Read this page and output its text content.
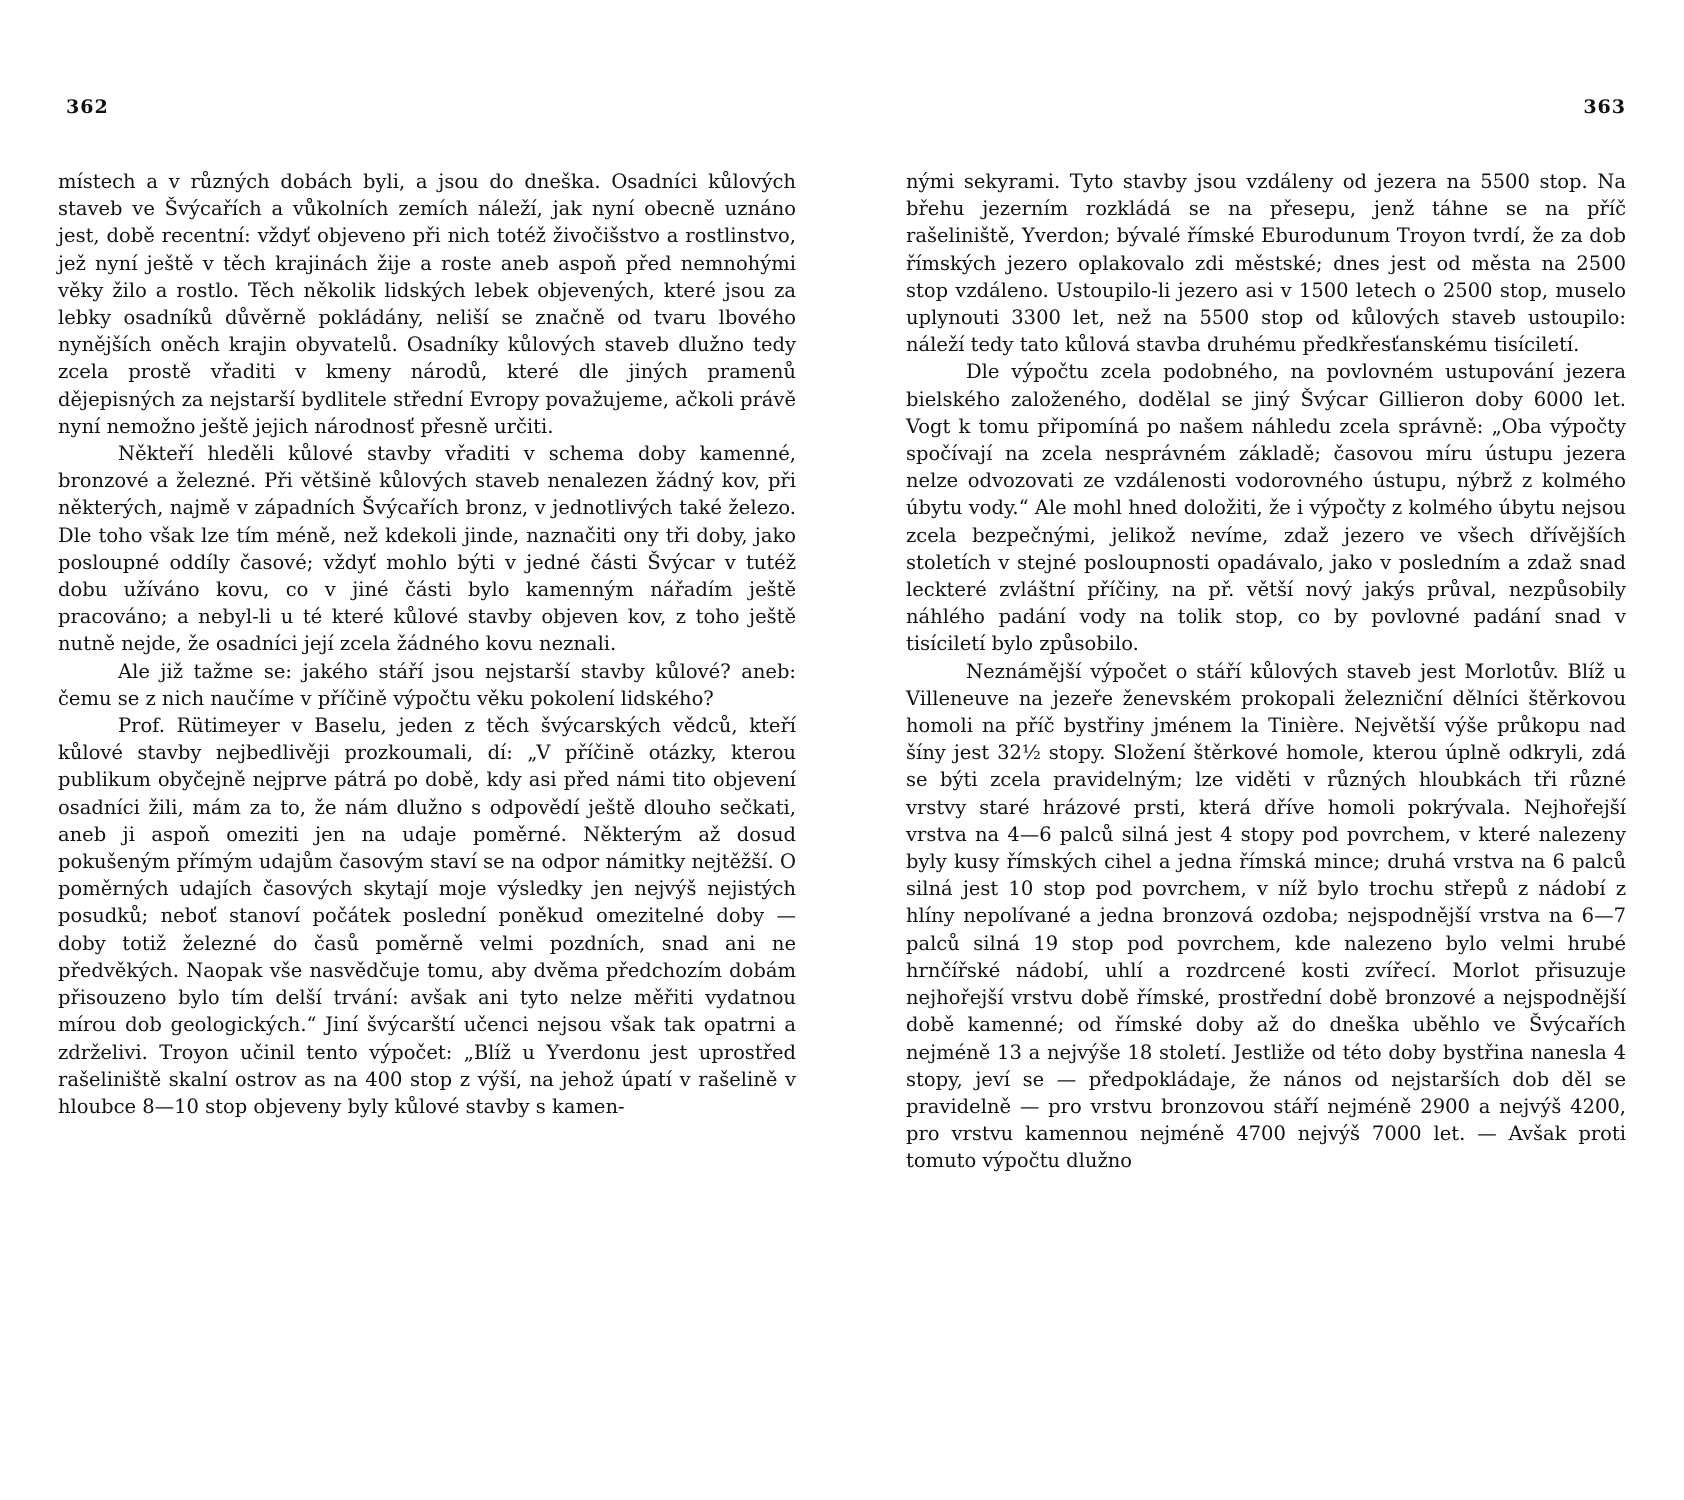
362

místech a v různých dobách byli, a jsou do dneška. Osadníci kůlových staveb ve Švýcařích a vůkolních zemích náleží, jak nyní obecně uznáno jest, době recentní: vždyť objeveno při nich totéž živočišstvo a rostlinstvo, jež nyní ještě v těch krajinách žije a roste aneb aspoň před nemnohými věky žilo a rostlo. Těch několik lidských lebek objevených, které jsou za lebky osadníků důvěrně pokládány, neliší se značně od tvaru lbového nynějších oněch krajin obyvatelů. Osadníky kůlových staveb dlužno tedy zcela prostě vřaditi v kmeny národů, které dle jiných pramenů dějepisných za nejstarší bydlitele střední Evropy považujeme, ačkoli právě nyní nemožno ještě jejich národnosť přesně určiti.

Někteří hleděli kůlové stavby vřaditi v schema doby kamenné, bronzové a železné. Při většině kůlových staveb nenalezen žádný kov, při některých, najmě v západních Švýcařích bronz, v jednotlivých také železo. Dle toho však lze tím méně, než kdekoli jinde, naznačiti ony tři doby, jako posloupné oddíly časové; vždyť mohlo býti v jedné části Švýcar v tutéž dobu užíváno kovu, co v jiné části bylo kamenným nářadím ještě pracováno; a nebyl-li u té které kůlové stavby objeven kov, z toho ještě nutně nejde, že osadníci její zcela žádného kovu neznali.

Ale již tažme se: jakého stáří jsou nejstarší stavby kůlové? aneb: čemu se z nich naučíme v příčině výpočtu věku pokolení lidského?

Prof. Rütimeyer v Baselu, jeden z těch švýcarských vědců, kteří kůlové stavby nejbedlivěji prozkoumali, dí: „V příčině otázky, kterou publikum obyčejně nejprve pátrá po době, kdy asi před námi tito objevení osadníci žili, mám za to, že nám dlužno s odpovědí ještě dlouho sečkati, aneb ji aspoň omeziti jen na udaje poměrné. Některým až dosud pokušeným přímým udajům časovým staví se na odpor námitky nejtěžší. O poměrných udajích časových skytají moje výsledky jen nejvýš nejistých posudků; neboť stanoví počátek poslední poněkud omezitelné doby — doby totiž železné do časů poměrně velmi pozdních, snad ani ne předvěkých. Naopak vše nasvědčuje tomu, aby dvěma předchozím dobám přisouzeno bylo tím delší trvání: avšak ani tyto nelze měřiti vydatnou mírou dob geologických.“ Jiní švýcarští učenci nejsou však tak opatrni a zdrželivi. Troyon učinil tento výpočet: „Blíž u Yverdonu jest uprostřed rašeliniště skalní ostrov as na 400 stop z výší, na jehož úpatí v rašelině v hloubce 8—10 stop objeveny byly kůlové stavby s kamen-

363

nými sekyrami. Tyto stavby jsou vzdáleny od jezera na 5500 stop. Na břehu jezerním rozkládá se na přesepu, jenž táhne se na příč rašeliniště, Yverdon; bývalé římské Eburodunum Troyon tvrdí, že za dob římských jezero oplakovalo zdi městské; dnes jest od města na 2500 stop vzdáleno. Ustoupilo-li jezero asi v 1500 letech o 2500 stop, muselo uplynouti 3300 let, než na 5500 stop od kůlových staveb ustoupilo: náleží tedy tato kůlová stavba druhému předkřesťanskému tisíciletí.

Dle výpočtu zcela podobného, na povlovném ustupování jezera bielského založeného, dodělal se jiný Švýcar Gillieron doby 6000 let. Vogt k tomu připomíná po našem náhledu zcela správně: „Oba výpočty spočívají na zcela nesprávném základě; časovou míru ústupu jezera nelze odvozovati ze vzdálenosti vodorovného ústupu, nýbrž z kolmého úbytu vody.“ Ale mohl hned doložiti, že i výpočty z kolmého úbytu nejsou zcela bezpečnými, jelikož nevíme, zdaž jezero ve všech dřívějších stoletích v stejné posloupnosti opadávalo, jako v posledním a zdaž snad leckteré zvláštní příčiny, na př. větší nový jakýs průval, nezpůsobily náhlého padání vody na tolik stop, co by povlovné padání snad v tisíciletí bylo způsobilo.

Neznámější výpočet o stáří kůlových staveb jest Morlotův. Blíž u Villeneuve na jezeře ženevském prokopali železniční dělníci štěrkovou homoli na příč bystřiny jménem la Tinière. Největší výše průkopu nad šíny jest 32½ stopy. Složení štěrkové homole, kterou úplně odkryli, zdá se býti zcela pravidelným; lze viděti v různých hloubkách tři různé vrstvy staré hrázové prsti, která dříve homoli pokrývala. Nejhořejší vrstva na 4—6 palců silná jest 4 stopy pod povrchem, v které nalezeny byly kusy římských cihel a jedna římská mince; druhá vrstva na 6 palců silná jest 10 stop pod povrchem, v níž bylo trochu střepů z nádobí z hlíny nepolívané a jedna bronzová ozdoba; nejspodnější vrstva na 6—7 palců silná 19 stop pod povrchem, kde nalezeno bylo velmi hrubé hrnčířské nádobí, uhlí a rozdrcené kosti zvířecí. Morlot přisuzuje nejhořejší vrstvu době římské, prostřední době bronzové a nejspodnější době kamenné; od římské doby až do dneška uběhlo ve Švýcařích nejméně 13 a nejvýše 18 století. Jestliže od této doby bystřina nanesla 4 stopy, jeví se — předpokládaje, že nános od nejstarších dob děl se pravidelně — pro vrstvu bronzovou stáří nejméně 2900 a nejvýš 4200, pro vrstvu kamennou nejméně 4700 nejvýš 7000 let. — Avšak proti tomuto výpočtu dlužno
